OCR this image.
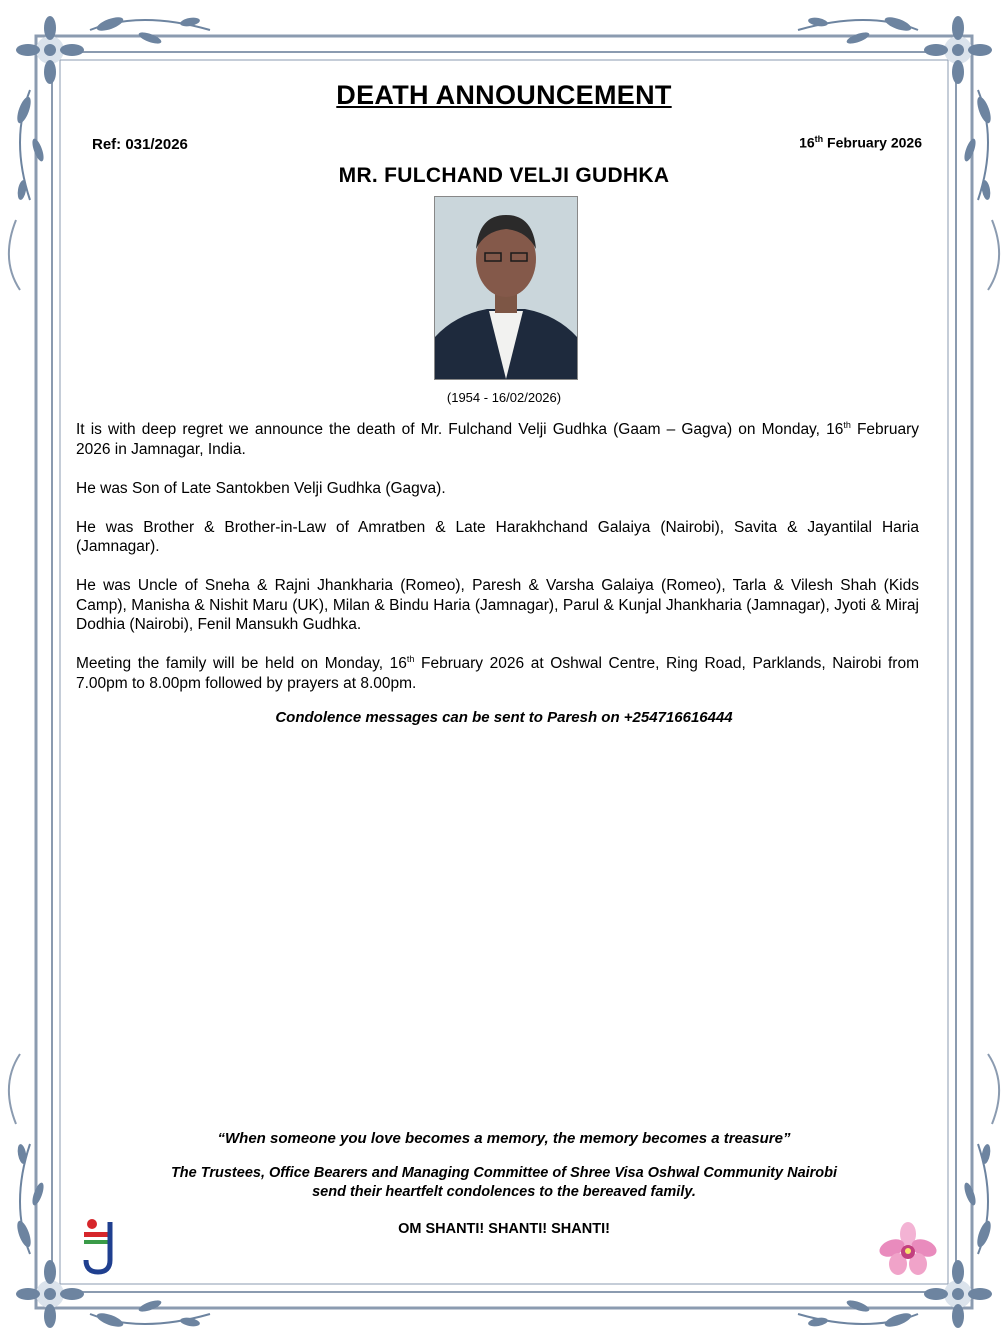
DEATH ANNOUNCEMENT
Ref: 031/2026	16th February 2026
MR. FULCHAND VELJI GUDHKA
(1954 - 16/02/2026)

It is with deep regret we announce the death of Mr. Fulchand Velji Gudhka (Gaam – Gagva) on Monday, 16th February 2026 in Jamnagar, India.

He was Son of Late Santokben Velji Gudhka (Gagva).

He was Brother & Brother-in-Law of Amratben & Late Harakhchand Galaiya (Nairobi), Savita & Jayantilal Haria (Jamnagar).

He was Uncle of Sneha & Rajni Jhankharia (Romeo), Paresh & Varsha Galaiya (Romeo), Tarla & Vilesh Shah (Kids Camp), Manisha & Nishit Maru (UK), Milan & Bindu Haria (Jamnagar), Parul & Kunjal Jhankharia (Jamnagar), Jyoti & Miraj Dodhia (Nairobi), Fenil Mansukh Gudhka.

Meeting the family will be held on Monday, 16th February 2026 at Oshwal Centre, Ring Road, Parklands, Nairobi from 7.00pm to 8.00pm followed by prayers at 8.00pm.

Condolence messages can be sent to Paresh on +254716616444
“When someone you love becomes a memory, the memory becomes a treasure”
The Trustees, Office Bearers and Managing Committee of Shree Visa Oshwal Community Nairobi
send their heartfelt condolences to the bereaved family.
OM SHANTI! SHANTI! SHANTI!
